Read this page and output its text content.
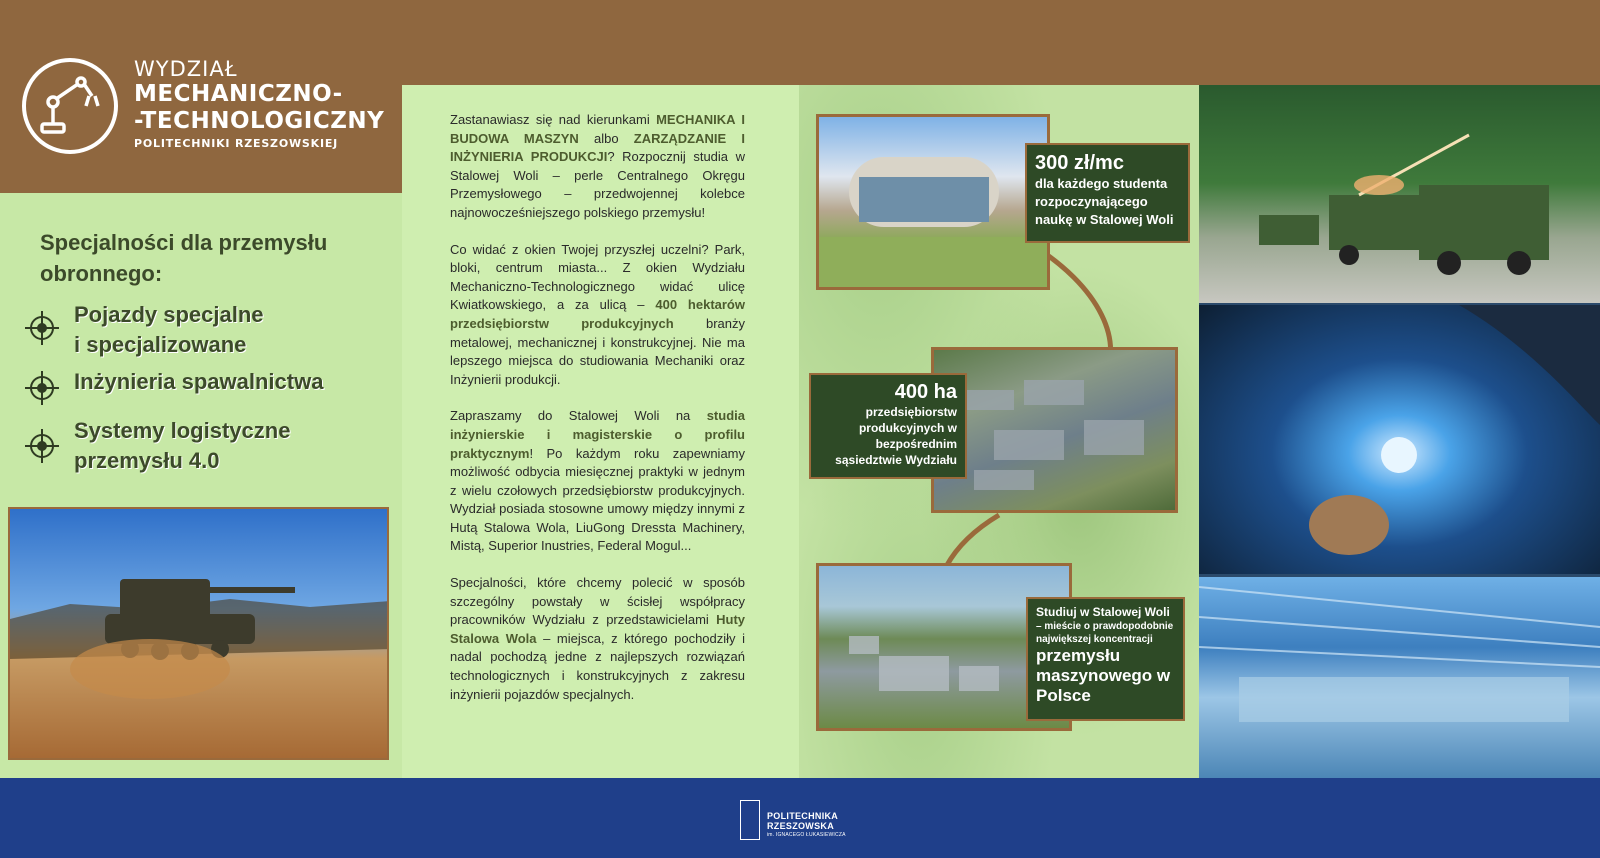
WYDZIAŁ
MECHANICZNO-
-TECHNOLOGICZNY
POLITECHNIKI RZESZOWSKIEJ
Specjalności dla przemysłu obronnego:
Pojazdy specjalne
i specjalizowane
Inżynieria spawalnictwa
Systemy logistyczne
przemysłu 4.0

Zastanawiasz się nad kierunkami MECHANIKA I BUDOWA MASZYN albo ZARZĄDZANIE I INŻYNIERIA PRODUKCJI? Rozpocznij studia w Stalowej Woli – perle Centralnego Okręgu Przemysłowego – przedwojennej kolebce najnowocześniejszego polskiego przemysłu!

Co widać z okien Twojej przyszłej uczelni? Park, bloki, centrum miasta... Z okien Wydziału Mechaniczno-Technologicznego widać ulicę Kwiatkowskiego, a za ulicą – 400 hektarów przedsiębiorstw produkcyjnych branży metalowej, mechanicznej i konstrukcyjnej. Nie ma lepszego miejsca do studiowania Mechaniki oraz Inżynierii produkcji.

Zapraszamy do Stalowej Woli na studia inżynierskie i magisterskie o profilu praktycznym! Po każdym roku zapewniamy możliwość odbycia miesięcznej praktyki w jednym z wielu czołowych przedsiębiorstw produkcyjnych. Wydział posiada stosowne umowy między innymi z Hutą Stalowa Wola, LiuGong Dressta Machinery, Mistą, Superior Inustries, Federal Mogul...

Specjalności, które chcemy polecić w sposób szczególny powstały w ścisłej współpracy pracowników Wydziału z przedstawicielami Huty Stalowa Wola – miejsca, z którego pochodziły i nadal pochodzą jedne z najlepszych rozwiązań technologicznych i konstrukcyjnych z zakresu inżynierii pojazdów specjalnych.

300 zł/mc
dla każdego studenta rozpoczynającego naukę w Stalowej Woli
400 ha
przedsiębiorstw produkcyjnych w bezpośrednim sąsiedztwie Wydziału
Studiuj w Stalowej Woli
– mieście o prawdopodobnie największej koncentracji
przemysłu maszynowego w Polsce
POLITECHNIKA
RZESZOWSKA
im. IGNACEGO ŁUKASIEWICZA
